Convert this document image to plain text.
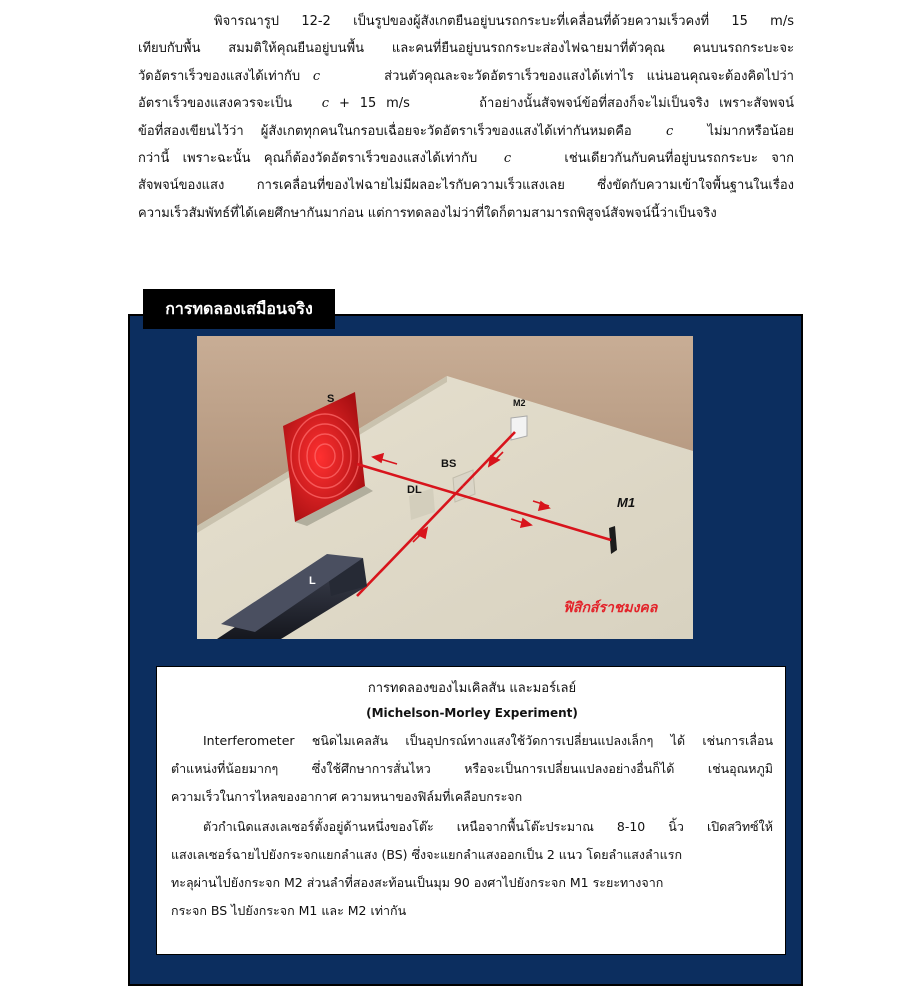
พิจารณารูป 12-2 เป็นรูปของผู้สังเกตยืนอยู่บนรถกระบะที่เคลื่อนที่ด้วยความเร็วคงที่ 15 m/s
เทียบกับพื้น สมมติให้คุณยืนอยู่บนพื้น และคนที่ยืนอยู่บนรถกระบะส่องไฟฉายมาที่ตัวคุณ คนบนรถกระบะจะ
วัดอัตราเร็วของแสงได้เท่ากับ c	ส่วนตัวคุณละจะวัดอัตราเร็วของแสงได้เท่าไร แน่นอนคุณจะต้องคิดไปว่า
อัตราเร็วของแสงควรจะเป็น c + 15 m/s	ถ้าอย่างนั้นสัจพจน์ข้อที่สองก็จะไม่เป็นจริง เพราะสัจพจน์
ข้อที่สองเขียนไว้ว่า ผู้สังเกตทุกคนในกรอบเฉื่อยจะวัดอัตราเร็วของแสงได้เท่ากันหมดคือ	c	ไม่มากหรือน้อย
กว่านี้ เพราะฉะนั้น คุณก็ต้องวัดอัตราเร็วของแสงได้เท่ากับ c	เช่นเดียวกันกับคนที่อยู่บนรถกระบะ จาก
สัจพจน์ของแสง การเคลื่อนที่ของไฟฉายไม่มีผลอะไรกับความเร็วแสงเลย ซึ่งขัดกับความเข้าใจพื้นฐานในเรื่อง
ความเร็วสัมพัทธ์ที่ได้เคยศึกษากันมาก่อน แต่การทดลองไม่ว่าที่ใดก็ตามสามารถพิสูจน์สัจพจน์นี้ว่าเป็นจริง
การทดลองเสมือนจริง
S	M2
BS
DL
M1
L
ฟิสิกส์ราชมงคล
การทดลองของไมเคิลสัน และมอร์เลย์
(Michelson-Morley Experiment)
Interferometer ชนิดไมเคลสัน เป็นอุปกรณ์ทางแสงใช้วัดการเปลี่ยนแปลงเล็กๆ ได้ เช่นการเลื่อน
ตำแหน่งที่น้อยมากๆ ซึ่งใช้ศึกษาการสั่นไหว หรือจะเป็นการเปลี่ยนแปลงอย่างอื่นก็ได้ เช่นอุณหภูมิ
ความเร็วในการไหลของอากาศ ความหนาของฟิล์มที่เคลือบกระจก
ตัวกำเนิดแสงเลเซอร์ตั้งอยู่ด้านหนึ่งของโต๊ะ เหนือจากพื้นโต๊ะประมาณ 8-10 นิ้ว เปิดสวิทซ์ให้
แสงเลเซอร์ฉายไปยังกระจกแยกลำแสง (BS) ซึ่งจะแยกลำแสงออกเป็น 2 แนว โดยลำแสงลำแรก
ทะลุผ่านไปยังกระจก M2 ส่วนลำที่สองสะท้อนเป็นมุม 90 องศาไปยังกระจก M1 ระยะทางจาก
กระจก BS ไปยังกระจก M1 และ M2 เท่ากัน
